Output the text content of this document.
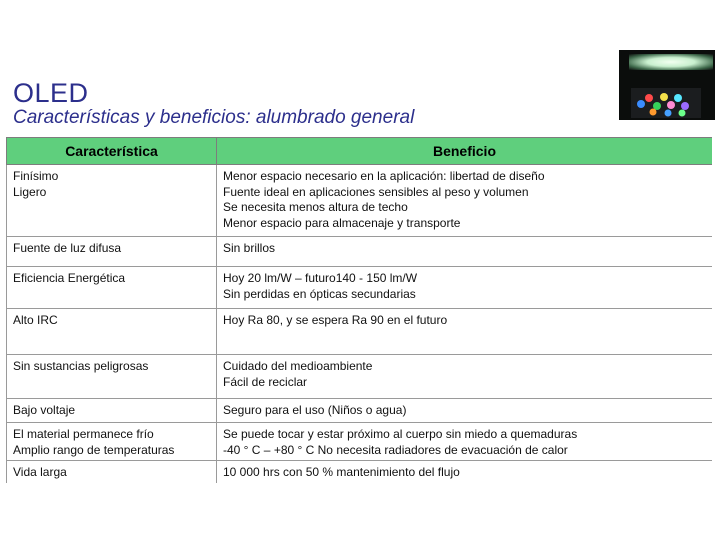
OLED
Características y beneficios: alumbrado general
Característica	Beneficio

Finísimo
Ligero	Menor espacio necesario en la aplicación: libertad de diseño
Fuente ideal en aplicaciones sensibles al peso y volumen
Se necesita menos altura de techo
Menor espacio para almacenaje y transporte

Fuente de luz difusa	Sin brillos

Eficiencia Energética	Hoy 20 lm/W – futuro140 - 150 lm/W
Sin perdidas en ópticas secundarias

Alto IRC	Hoy Ra 80, y se espera Ra 90 en el futuro

Sin sustancias peligrosas	Cuidado del medioambiente
Fácil de reciclar

Bajo voltaje	Seguro para el uso (Niños o agua)

El material permanece frío
Amplio rango de temperaturas	Se puede tocar y estar próximo al cuerpo sin miedo a quemaduras
-40 ° C – +80 ° C No necesita radiadores de evacuación de calor

Vida larga	10 000 hrs con 50 % mantenimiento del flujo
